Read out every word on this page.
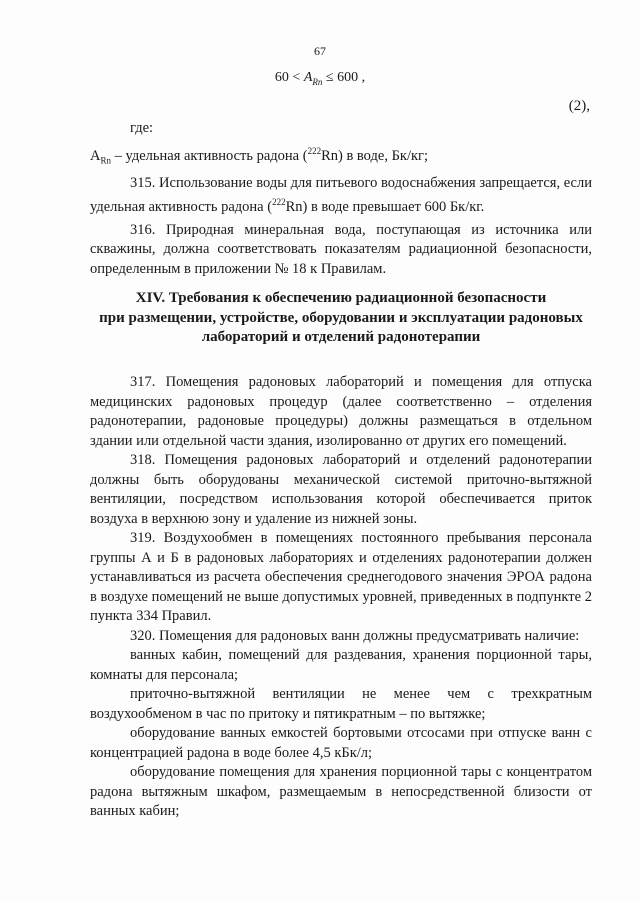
67
$60 < A_{Rn} \le 600$ ,
(2),

где:

$A_{Rn}$ – удельная активность радона ($^{222}$Rn) в воде, Бк/кг;

315. Использование воды для питьевого водоснабжения запрещается, если удельная активность радона ($^{222}$Rn) в воде превышает 600 Бк/кг.

316. Природная минеральная вода, поступающая из источника или скважины, должна соответствовать показателям радиационной безопасности, определенным в приложении № 18 к Правилам.

XIV. Требования к обеспечению радиационной безопасности
при размещении, устройстве, оборудовании и эксплуатации радоновых
лабораторий и отделений радонотерапии

317. Помещения радоновых лабораторий и помещения для отпуска медицинских радоновых процедур (далее соответственно – отделения радонотерапии, радоновые процедуры) должны размещаться в отдельном здании или отдельной части здания, изолированно от других его помещений.

318. Помещения радоновых лабораторий и отделений радонотерапии должны быть оборудованы механической системой приточно-вытяжной вентиляции, посредством использования которой обеспечивается приток воздуха в верхнюю зону и удаление из нижней зоны.

319. Воздухообмен в помещениях постоянного пребывания персонала группы А и Б в радоновых лабораториях и отделениях радонотерапии должен устанавливаться из расчета обеспечения среднегодового значения ЭРОА радона в воздухе помещений не выше допустимых уровней, приведенных в подпункте 2 пункта 334 Правил.

320. Помещения для радоновых ванн должны предусматривать наличие:

ванных кабин, помещений для раздевания, хранения порционной тары, комнаты для персонала;

приточно-вытяжной вентиляции не менее чем с трехкратным воздухообменом в час по притоку и пятикратным – по вытяжке;

оборудование ванных емкостей бортовыми отсосами при отпуске ванн с концентрацией радона в воде более 4,5 кБк/л;

оборудование помещения для хранения порционной тары с концентратом радона вытяжным шкафом, размещаемым в непосредственной близости от ванных кабин;
